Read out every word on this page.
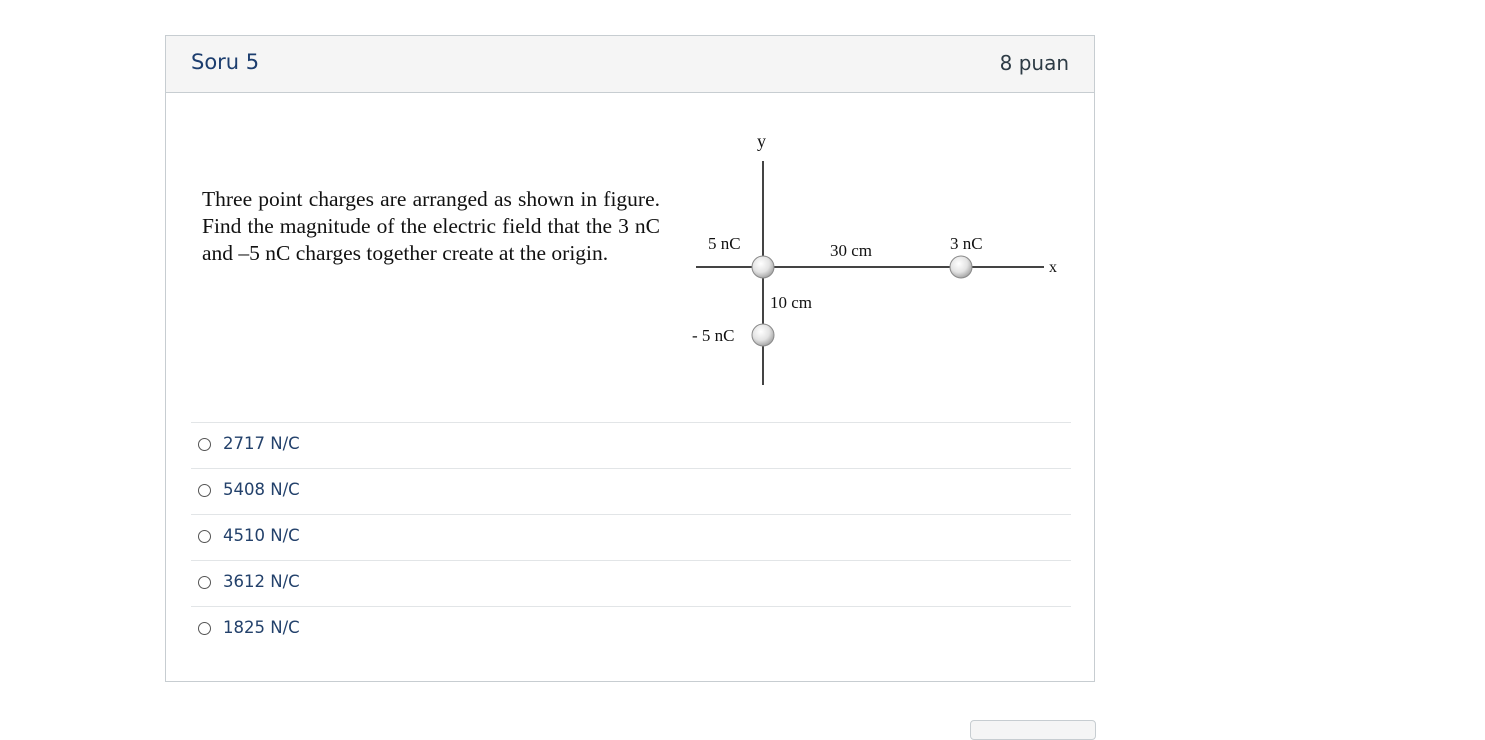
Soru 5	8 puan
Three point charges are arranged as shown in figure. Find the magnitude of the electric field that the 3 nC and –5 nC charges together create at the origin.
y
x
5 nC	3 nC
- 5 nC
30 cm
10 cm
2717 N/C
5408 N/C
4510 N/C
3612 N/C
1825 N/C
